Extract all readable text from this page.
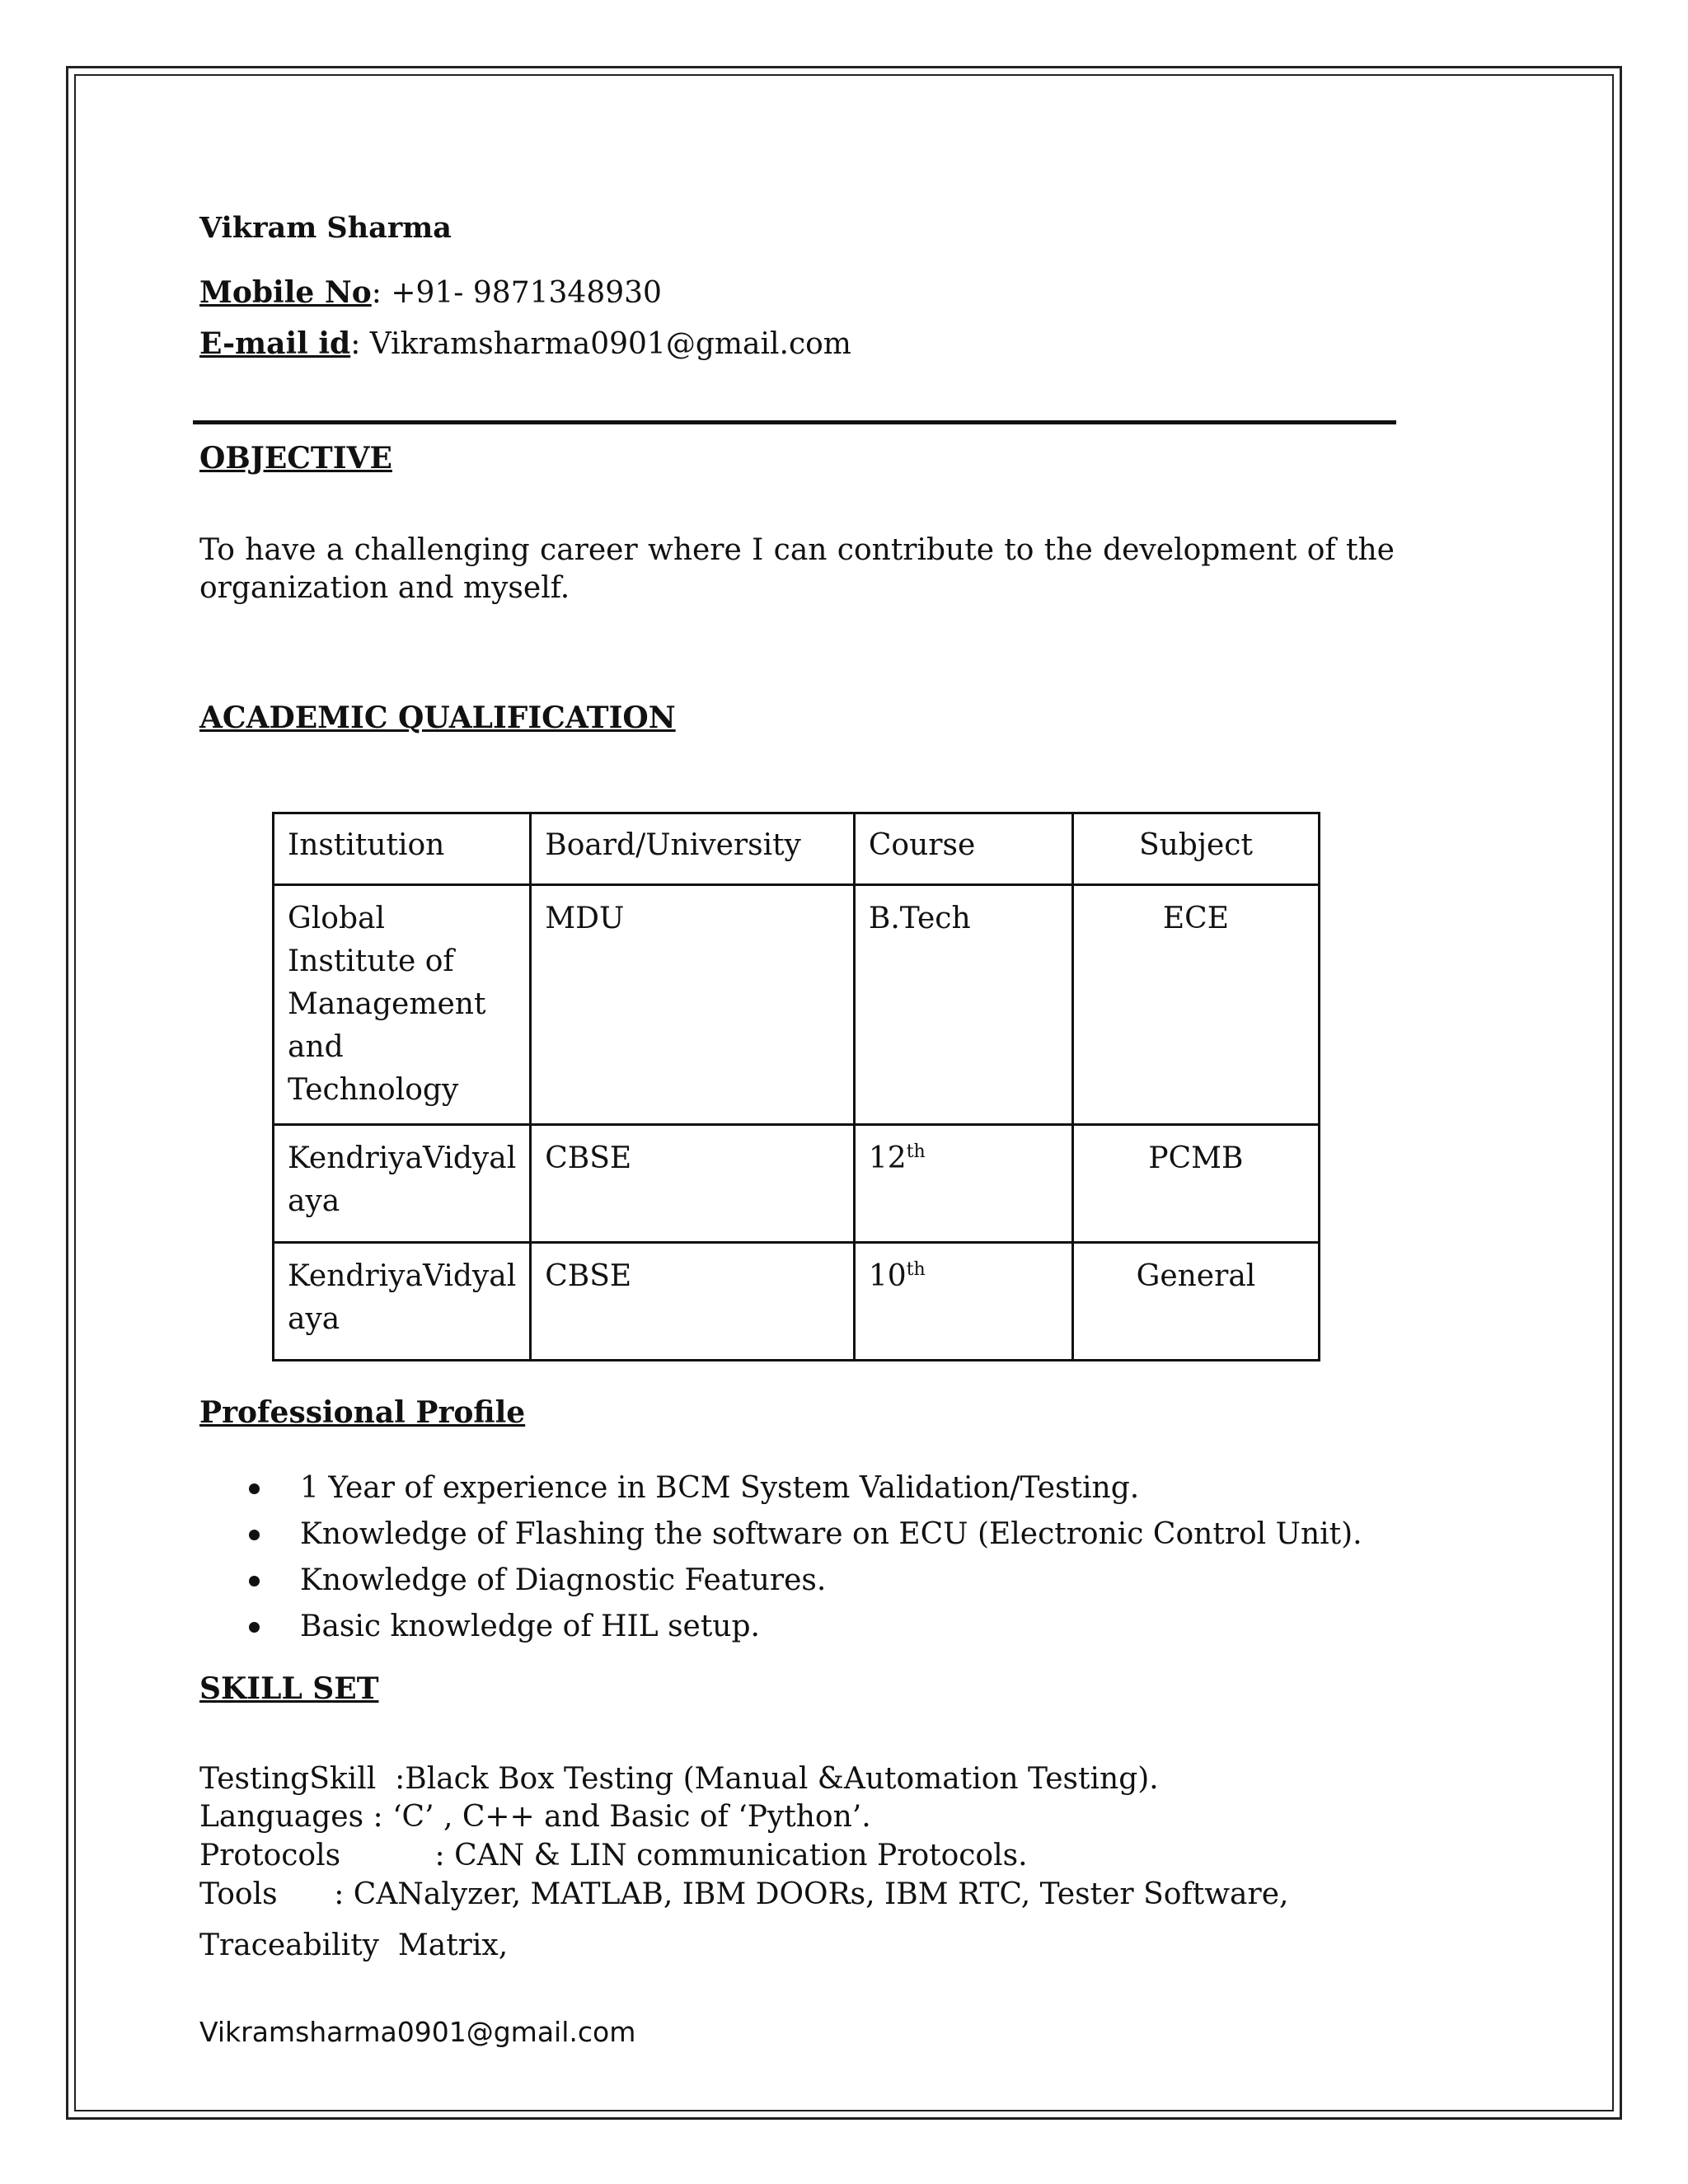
Vikram Sharma
Mobile No: +91- 9871348930
E-mail id: Vikramsharma0901@gmail.com
OBJECTIVE
To have a challenging career where I can contribute to the development of the organization and myself.
ACADEMIC QUALIFICATION
Institution	Board/University	Course	Subject
Global Institute of Management and Technology	MDU	B.Tech	ECE
KendriyaVidyal aya	CBSE	12th	PCMB
KendriyaVidyal aya	CBSE	10th	General
Professional Profile
1 Year of experience in BCM System Validation/Testing.
Knowledge of Flashing the software on ECU (Electronic Control Unit).
Knowledge of Diagnostic Features.
Basic knowledge of HIL setup.
SKILL SET
TestingSkill  :Black Box Testing (Manual &Automation Testing).
Languages : ‘C’ , C++ and Basic of ‘Python’.
Protocols          : CAN & LIN communication Protocols.
Tools      : CANalyzer, MATLAB, IBM DOORs, IBM RTC, Tester Software,
Traceability  Matrix,
Vikramsharma0901@gmail.com
